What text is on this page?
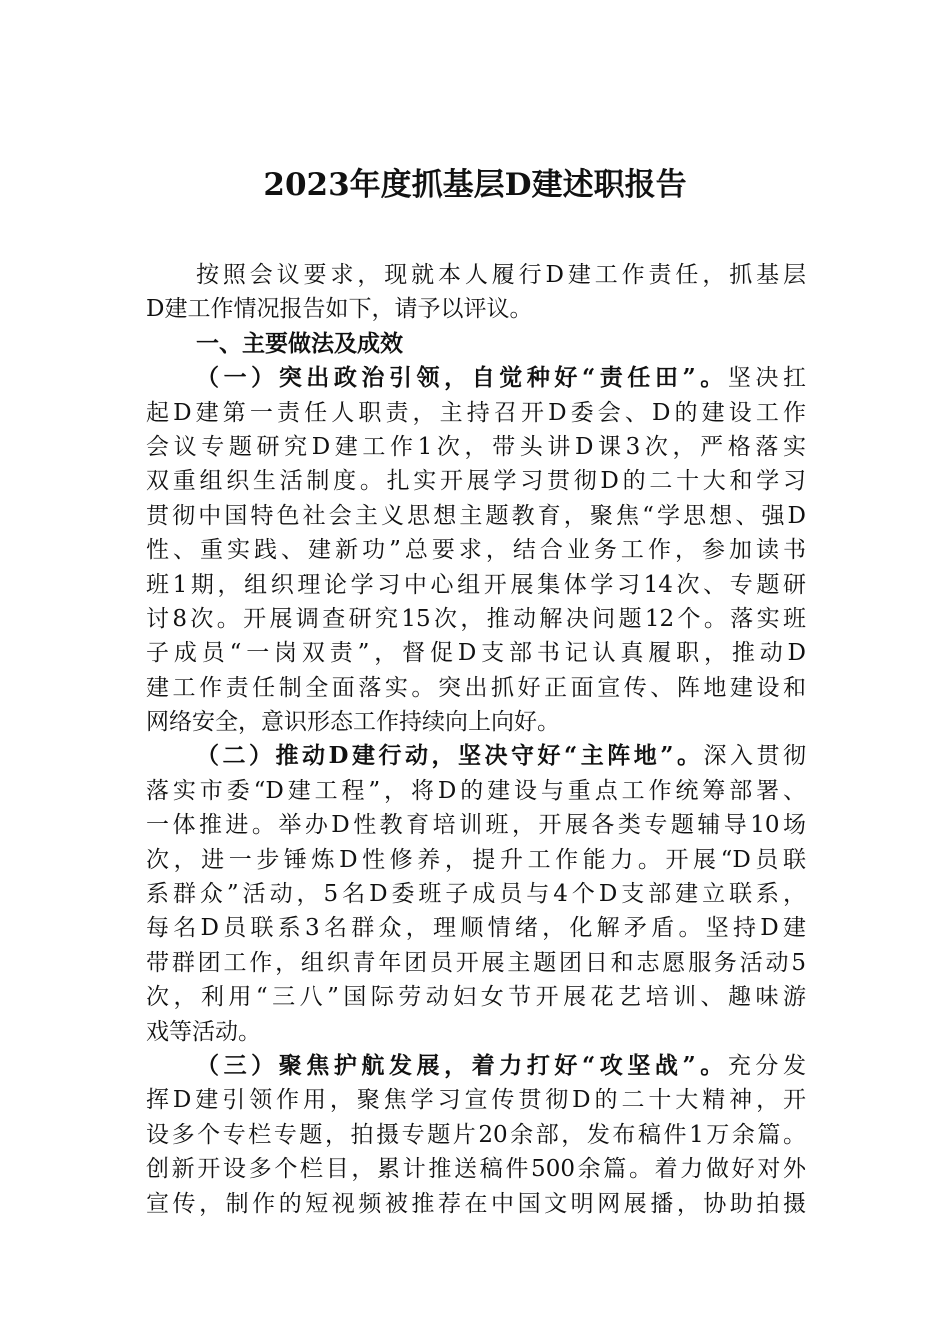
2023年度抓基层D建述职报告
按照会议要求，现就本人履行D建工作责任，抓基层
D建工作情况报告如下，请予以评议。
一、主要做法及成效
（一）突出政治引领，自觉种好“责任田”。坚决扛
起D建第一责任人职责，主持召开D委会、D的建设工作
会议专题研究D建工作1次，带头讲D课3次，严格落实
双重组织生活制度。扎实开展学习贯彻D的二十大和学习
贯彻中国特色社会主义思想主题教育，聚焦“学思想、强D
性、重实践、建新功”总要求，结合业务工作，参加读书
班1期，组织理论学习中心组开展集体学习14次、专题研
讨8次。开展调查研究15次，推动解决问题12个。落实班
子成员“一岗双责”，督促D支部书记认真履职，推动D
建工作责任制全面落实。突出抓好正面宣传、阵地建设和
网络安全，意识形态工作持续向上向好。
（二）推动D建行动，坚决守好“主阵地”。深入贯彻
落实市委“D建工程”，将D的建设与重点工作统筹部署、
一体推进。举办D性教育培训班，开展各类专题辅导10场
次，进一步锤炼D性修养，提升工作能力。开展“D员联
系群众”活动，5名D委班子成员与4个D支部建立联系，
每名D员联系3名群众，理顺情绪，化解矛盾。坚持D建
带群团工作，组织青年团员开展主题团日和志愿服务活动5
次，利用“三八”国际劳动妇女节开展花艺培训、趣味游
戏等活动。
（三）聚焦护航发展，着力打好“攻坚战”。充分发
挥D建引领作用，聚焦学习宣传贯彻D的二十大精神，开
设多个专栏专题，拍摄专题片20余部，发布稿件1万余篇。
创新开设多个栏目，累计推送稿件500余篇。着力做好对外
宣传，制作的短视频被推荐在中国文明网展播，协助拍摄
